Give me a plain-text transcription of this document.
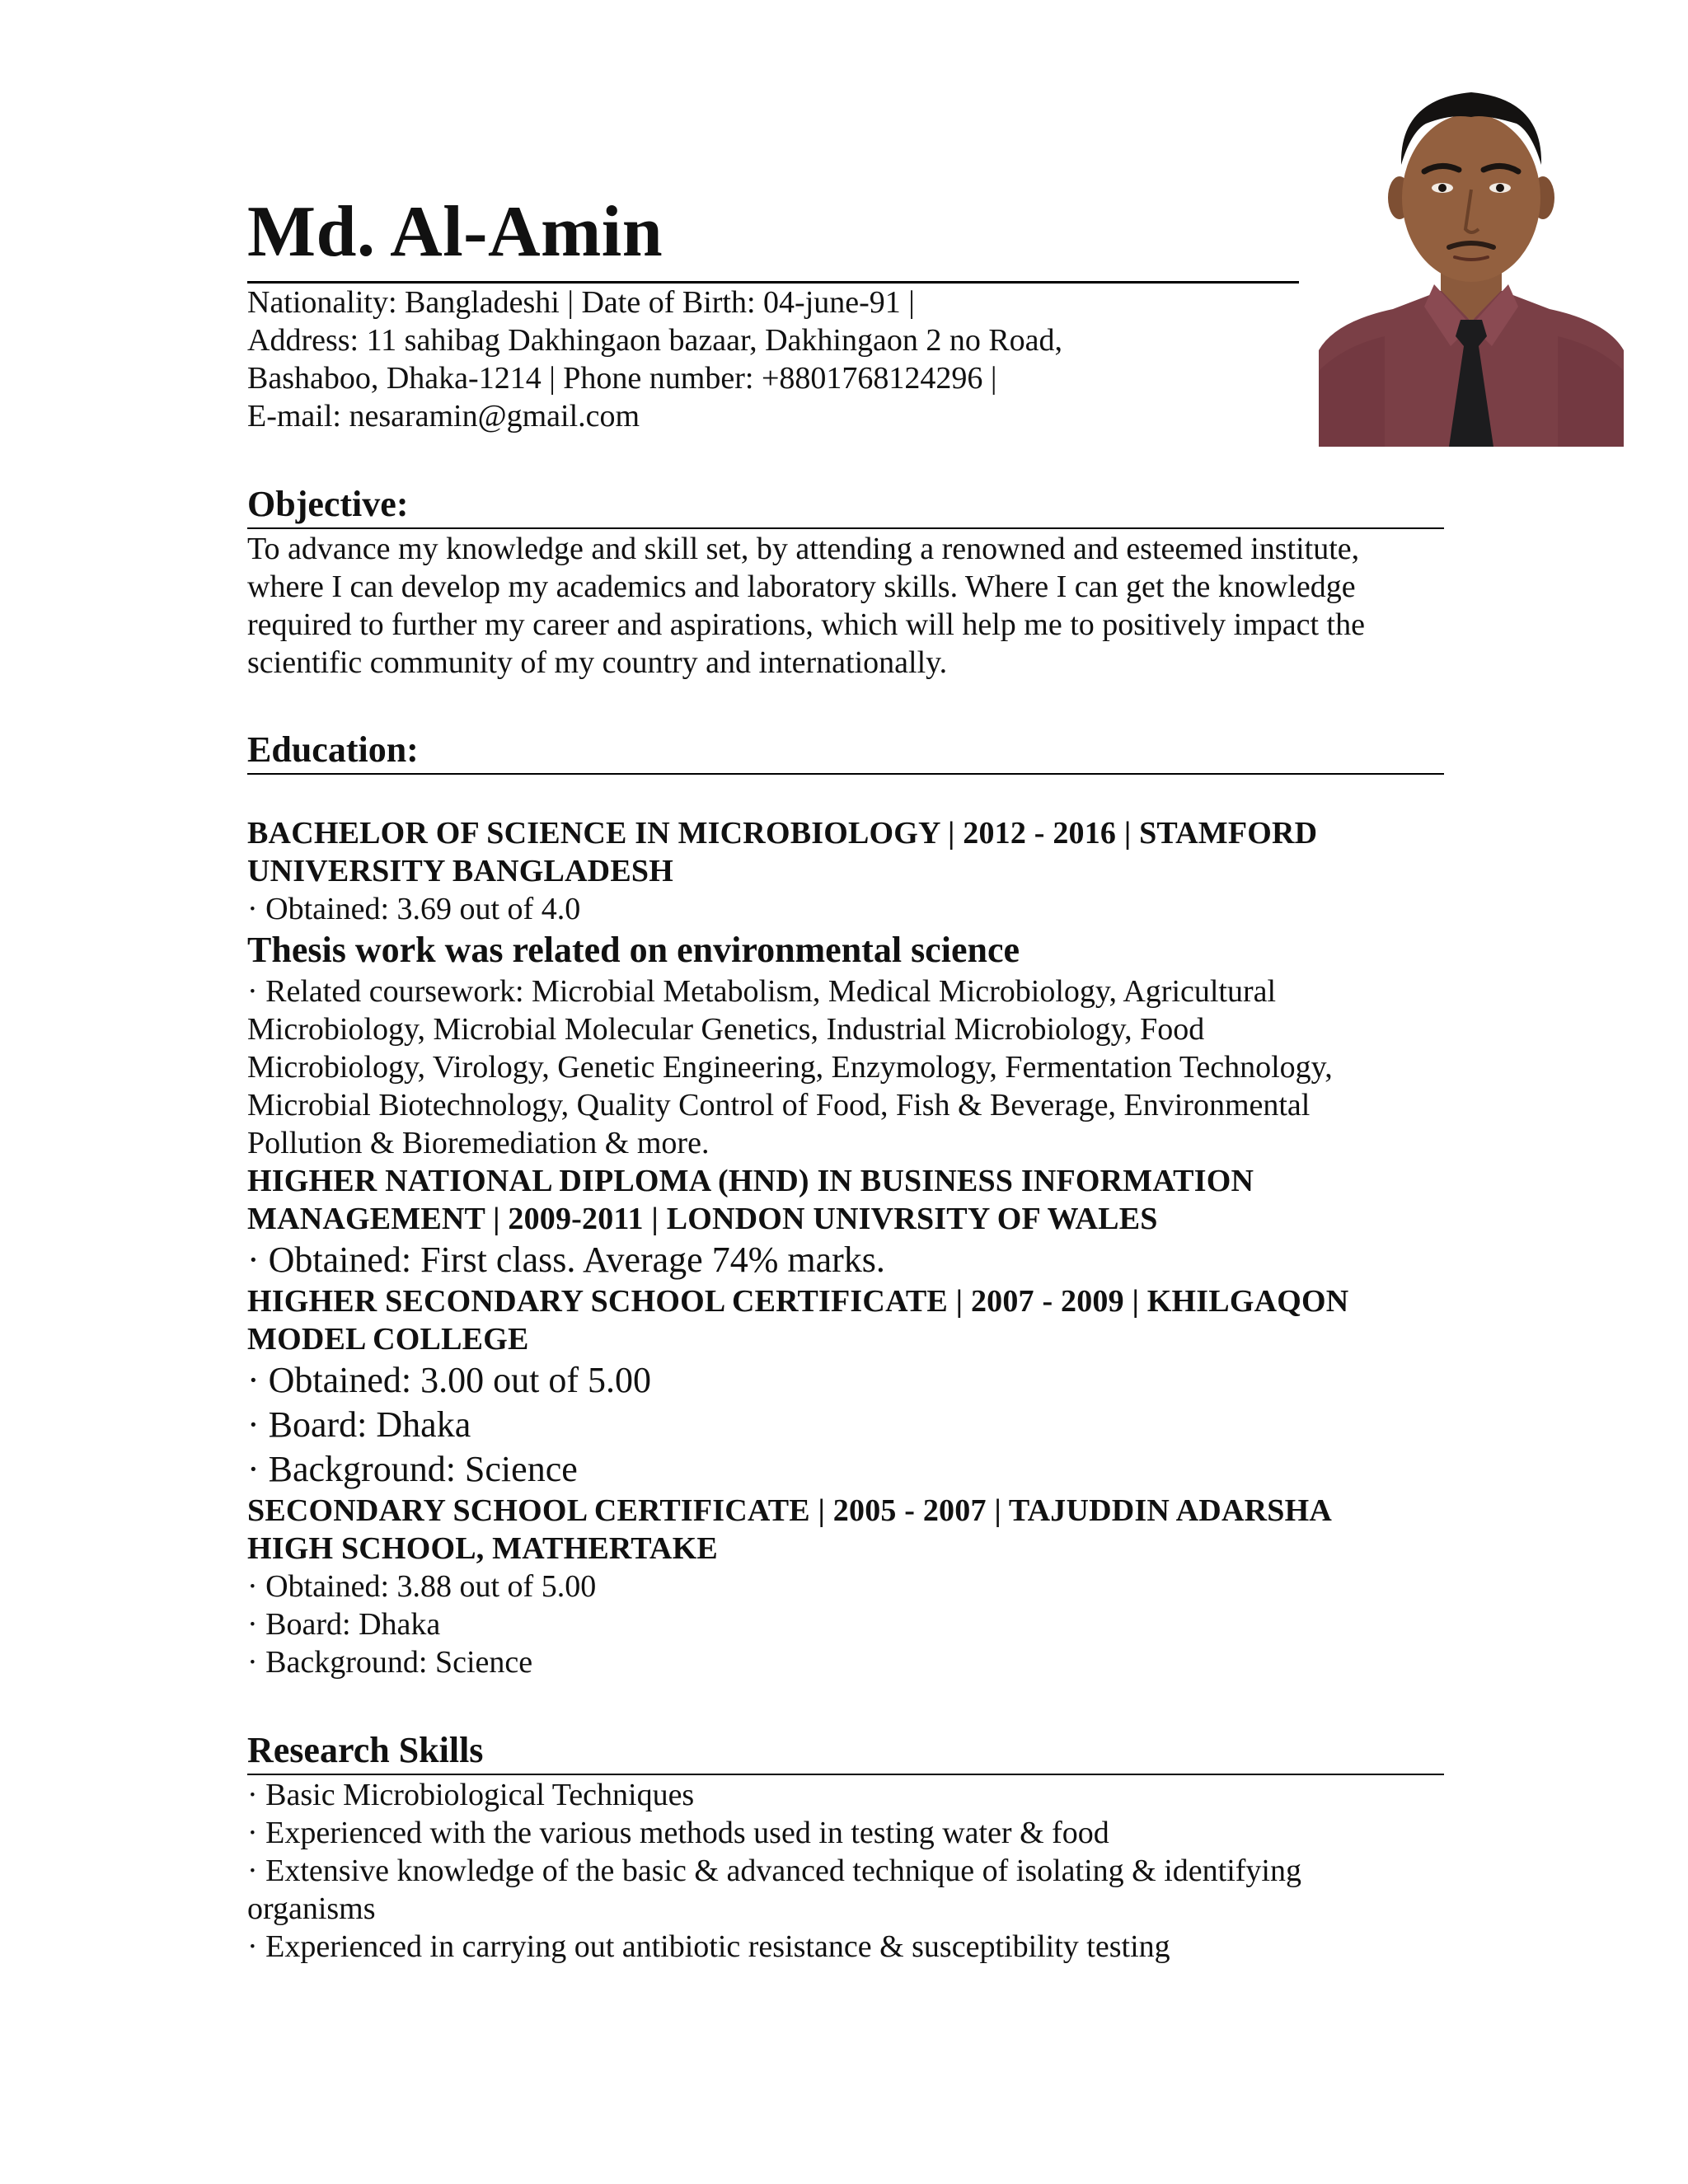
Md. Al-Amin
Nationality: Bangladeshi | Date of Birth: 04-june-91 |
Address: 11 sahibag Dakhingaon bazaar, Dakhingaon 2 no Road,
Bashaboo, Dhaka-1214 | Phone number: +8801768124296 |
E-mail: nesaramin@gmail.com
Objective:
To advance my knowledge and skill set, by attending a renowned and esteemed institute,
where I can develop my academics and laboratory skills. Where I can get the knowledge
required to further my career and aspirations, which will help me to positively impact the
scientific community of my country and internationally.
Education:
BACHELOR OF SCIENCE IN MICROBIOLOGY | 2012 - 2016 | STAMFORD
UNIVERSITY BANGLADESH
· Obtained: 3.69 out of 4.0
Thesis work was related on environmental science
· Related coursework: Microbial Metabolism, Medical Microbiology, Agricultural
Microbiology, Microbial Molecular Genetics, Industrial Microbiology, Food
Microbiology, Virology, Genetic Engineering, Enzymology, Fermentation Technology,
Microbial Biotechnology, Quality Control of Food, Fish & Beverage, Environmental
Pollution & Bioremediation & more.
HIGHER NATIONAL DIPLOMA (HND) IN BUSINESS INFORMATION
MANAGEMENT | 2009-2011 | LONDON UNIVRSITY OF WALES
· Obtained: First class. Average 74% marks.
HIGHER SECONDARY SCHOOL CERTIFICATE | 2007 - 2009 | KHILGAQON
MODEL COLLEGE
· Obtained: 3.00 out of 5.00
· Board: Dhaka
· Background: Science
SECONDARY SCHOOL CERTIFICATE | 2005 - 2007 | TAJUDDIN ADARSHA
HIGH SCHOOL, MATHERTAKE
· Obtained: 3.88 out of 5.00
· Board: Dhaka
· Background: Science
Research Skills
· Basic Microbiological Techniques
· Experienced with the various methods used in testing water & food
· Extensive knowledge of the basic & advanced technique of isolating & identifying
organisms
· Experienced in carrying out antibiotic resistance & susceptibility testing
